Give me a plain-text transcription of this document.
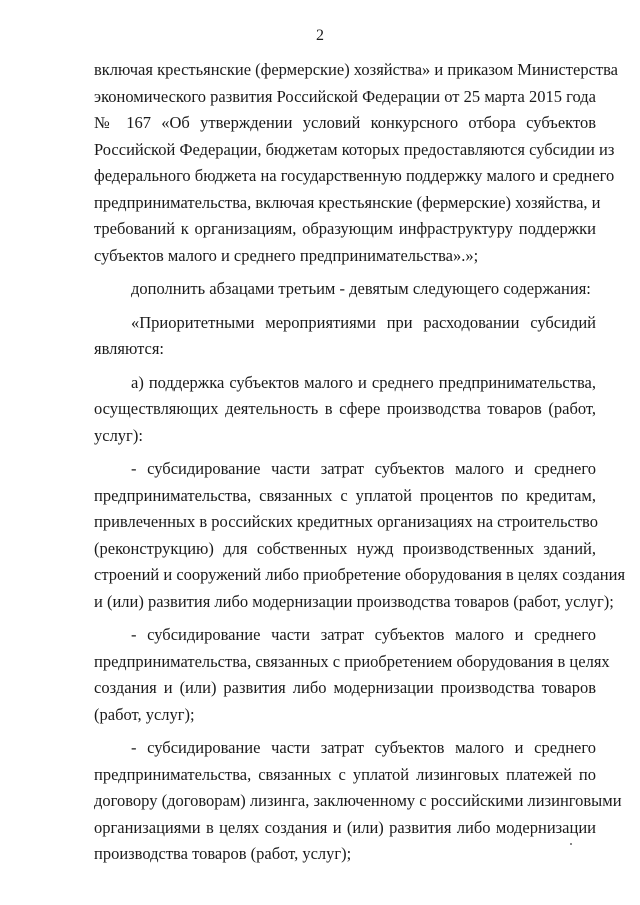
2
включая крестьянские (фермерские) хозяйства» и приказом Министерства
экономического развития Российской Федерации от 25 марта 2015 года
№ 167 «Об утверждении условий конкурсного отбора субъектов
Российской Федерации, бюджетам которых предоставляются субсидии из
федерального бюджета на государственную поддержку малого и среднего
предпринимательства, включая крестьянские (фермерские) хозяйства, и
требований к организациям, образующим инфраструктуру поддержки
субъектов малого и среднего предпринимательства».»;
дополнить абзацами третьим - девятым следующего содержания:
«Приоритетными мероприятиями при расходовании субсидий
являются:
а) поддержка субъектов малого и среднего предпринимательства,
осуществляющих деятельность в сфере производства товаров (работ,
услуг):
- субсидирование части затрат субъектов малого и среднего
предпринимательства, связанных с уплатой процентов по кредитам,
привлеченных в российских кредитных организациях на строительство
(реконструкцию) для собственных нужд производственных зданий,
строений и сооружений либо приобретение оборудования в целях создания
и (или) развития либо модернизации производства товаров (работ, услуг);
- субсидирование части затрат субъектов малого и среднего
предпринимательства, связанных с приобретением оборудования в целях
создания и (или) развития либо модернизации производства товаров
(работ, услуг);
- субсидирование части затрат субъектов малого и среднего
предпринимательства, связанных с уплатой лизинговых платежей по
договору (договорам) лизинга, заключенному с российскими лизинговыми
организациями в целях создания и (или) развития либо модернизации
производства товаров (работ, услуг);
